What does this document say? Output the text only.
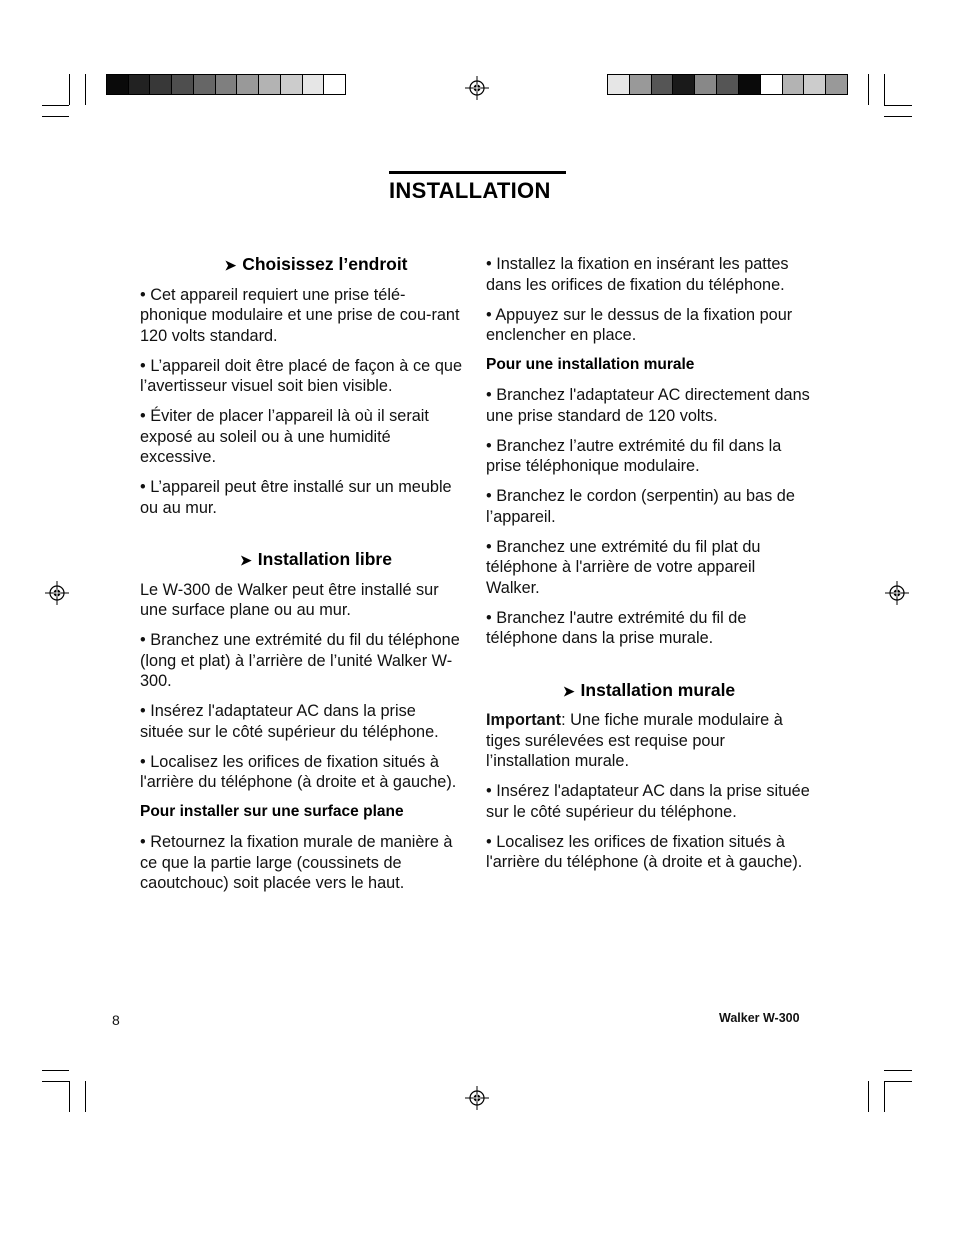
INSTALLATION

➤ Choisissez l’endroit

• Cet appareil requiert une prise télé-phonique modulaire et une prise de cou-rant 120 volts standard.

• L’appareil doit être placé de façon à ce que l’avertisseur visuel soit bien visible.

• Éviter de placer l’appareil là où il serait exposé au soleil ou à une humidité excessive.

• L’appareil peut être installé sur un meuble ou au mur.

➤ Installation libre

Le W-300 de Walker peut être installé sur une surface plane ou au mur.

• Branchez une extrémité du fil du téléphone (long et plat) à l’arrière de l’unité Walker W-300.

• Insérez l'adaptateur AC dans la prise située sur le côté supérieur du téléphone.

• Localisez les orifices de fixation situés à l'arrière du téléphone (à droite et à gauche).

Pour installer sur une surface plane

• Retournez la fixation murale de manière à ce que la partie large (coussinets de caoutchouc) soit placée vers le haut.

• Installez la fixation en insérant les pattes dans les orifices de fixation du téléphone.

• Appuyez sur le dessus de la fixation pour enclencher en place.

Pour une installation murale

• Branchez l'adaptateur AC directement dans une prise standard de 120 volts.

• Branchez l’autre extrémité du fil dans la prise téléphonique modulaire.

• Branchez le cordon (serpentin) au bas de l’appareil.

• Branchez une extrémité du fil plat du téléphone à l'arrière de votre appareil Walker.

• Branchez l'autre extrémité du fil de téléphone dans la prise murale.

➤ Installation murale

Important: Une fiche murale modulaire à tiges surélevées est requise pour l’installation murale.

• Insérez l'adaptateur AC dans la prise située sur le côté supérieur du téléphone.

• Localisez les orifices de fixation situés à l'arrière du téléphone (à droite et à gauche).

8	Walker W-300
